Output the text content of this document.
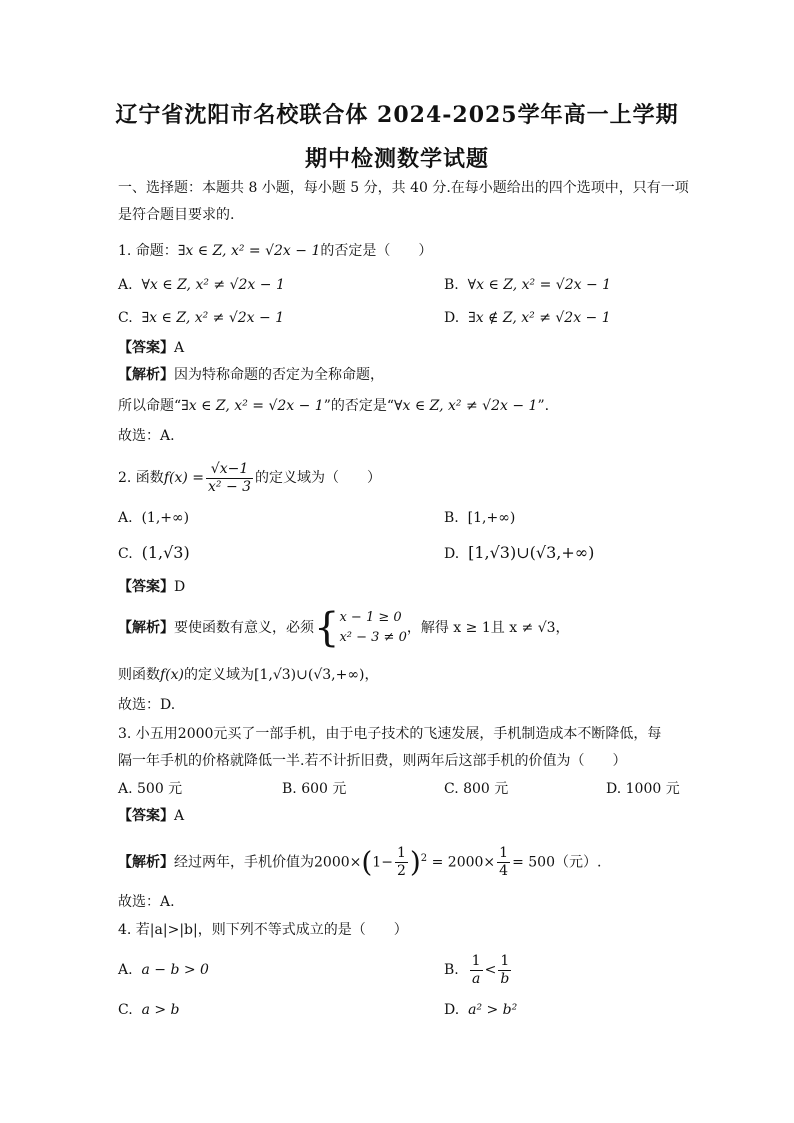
辽宁省沈阳市名校联合体 2024-2025学年高一上学期
期中检测数学试题
一、选择题：本题共 8 小题，每小题 5 分，共 40 分.在每小题给出的四个选项中，只有一项
是符合题目要求的.
1. 命题：∃x ∈ Z, x² = √2x − 1的否定是（　　）
A. ∀x ∈ Z, x² ≠ √2x − 1	B. ∀x ∈ Z, x² = √2x − 1
C. ∃x ∈ Z, x² ≠ √2x − 1	D. ∃x ∉ Z, x² ≠ √2x − 1
【答案】A
【解析】因为特称命题的否定为全称命题，
所以命题“∃x ∈ Z, x² = √2x − 1”的否定是“∀x ∈ Z, x² ≠ √2x − 1”.
故选：A.
2. 函数$f(x) = \frac{√x-1}{\text{x² − 3}}$ 的定义域为（　　）
A. (1,+∞)	B. [1,+∞)
C. (1,√3)	D. [1,√3)∪(√3,+∞)
【答案】D
【解析】要使函数有意义，必须{ x − 1 ≥ 0
x² − 3 ≠ 0
，解得 x ≥ 1且 x ≠ √3，
则函数f(x)的定义域为[1,√3)∪(√3,+∞)，
故选：D.
3. 小五用2000元买了一部手机，由于电子技术的飞速发展，手机制造成本不断降低，每
隔一年手机的价格就降低一半.若不计折旧费，则两年后这部手机的价值为（　　）
A. 500 元	B. 600 元	C. 800 元	D. 1000 元
【答案】A
【解析】经过两年，手机价值为$2000\times(1- \frac{1}{2} )^2 = 2000\times \frac{1}{4} = 500$（元）.
故选：A.
4. 若|a|>|b|，则下列不等式成立的是（　　）
A. a − b > 0	B. $\frac{1}{a} < \frac{1}{b}$
C. a > b	D. a² > b²
